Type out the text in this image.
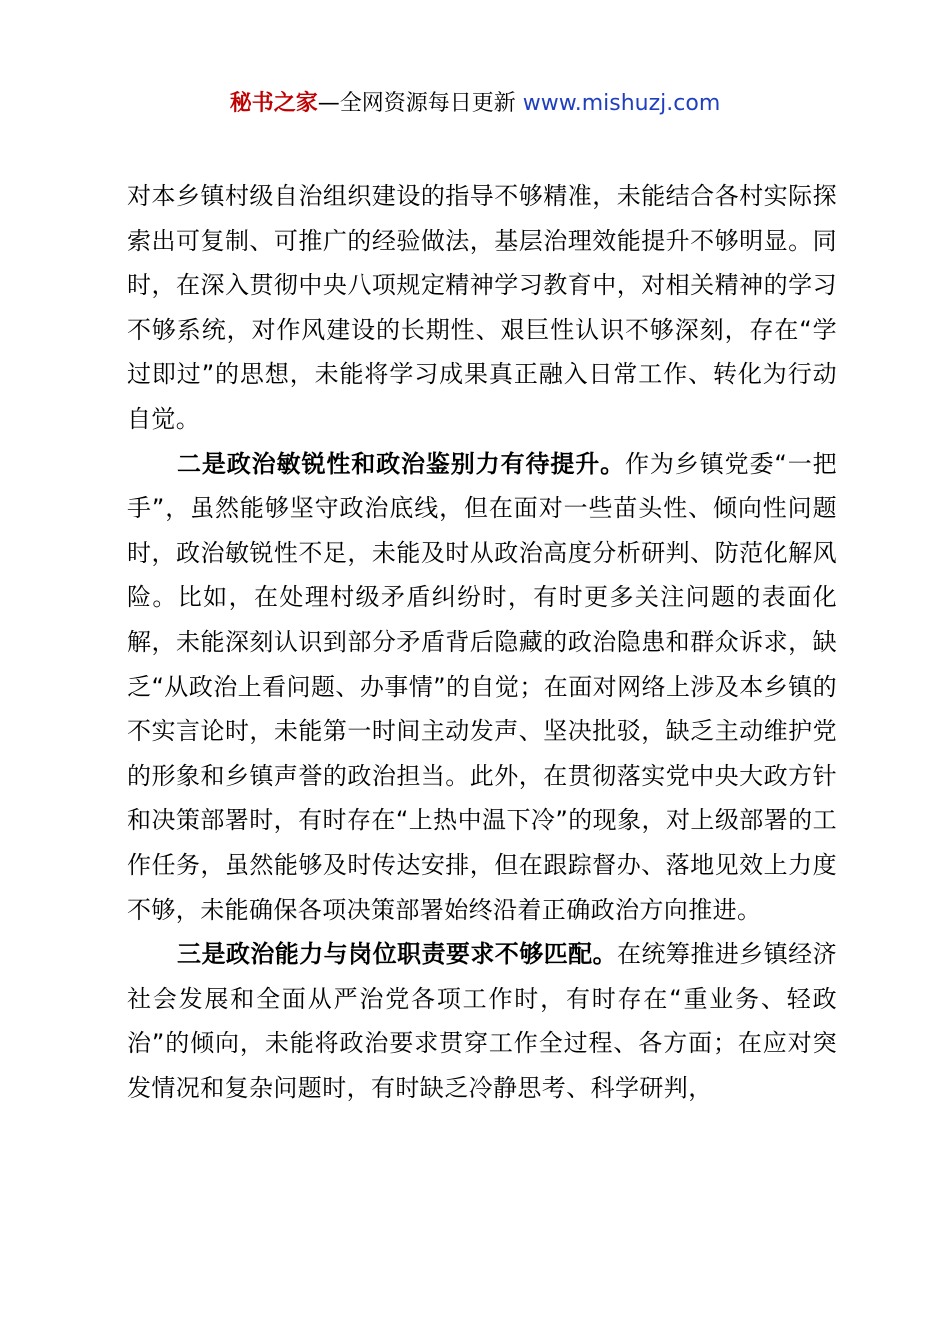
秘书之家—全网资源每日更新 www.mishuzj.com

对本乡镇村级自治组织建设的指导不够精准，未能结合各村实际探索出可复制、可推广的经验做法，基层治理效能提升不够明显。同时，在深入贯彻中央八项规定精神学习教育中，对相关精神的学习不够系统，对作风建设的长期性、艰巨性认识不够深刻，存在“学过即过”的思想，未能将学习成果真正融入日常工作、转化为行动自觉。

二是政治敏锐性和政治鉴别力有待提升。作为乡镇党委“一把手”，虽然能够坚守政治底线，但在面对一些苗头性、倾向性问题时，政治敏锐性不足，未能及时从政治高度分析研判、防范化解风险。比如，在处理村级矛盾纠纷时，有时更多关注问题的表面化解，未能深刻认识到部分矛盾背后隐藏的政治隐患和群众诉求，缺乏“从政治上看问题、办事情”的自觉；在面对网络上涉及本乡镇的不实言论时，未能第一时间主动发声、坚决批驳，缺乏主动维护党的形象和乡镇声誉的政治担当。此外，在贯彻落实党中央大政方针和决策部署时，有时存在“上热中温下冷”的现象，对上级部署的工作任务，虽然能够及时传达安排，但在跟踪督办、落地见效上力度不够，未能确保各项决策部署始终沿着正确政治方向推进。

三是政治能力与岗位职责要求不够匹配。在统筹推进乡镇经济社会发展和全面从严治党各项工作时，有时存在“重业务、轻政治”的倾向，未能将政治要求贯穿工作全过程、各方面；在应对突发情况和复杂问题时，有时缺乏冷静思考、科学研判，
